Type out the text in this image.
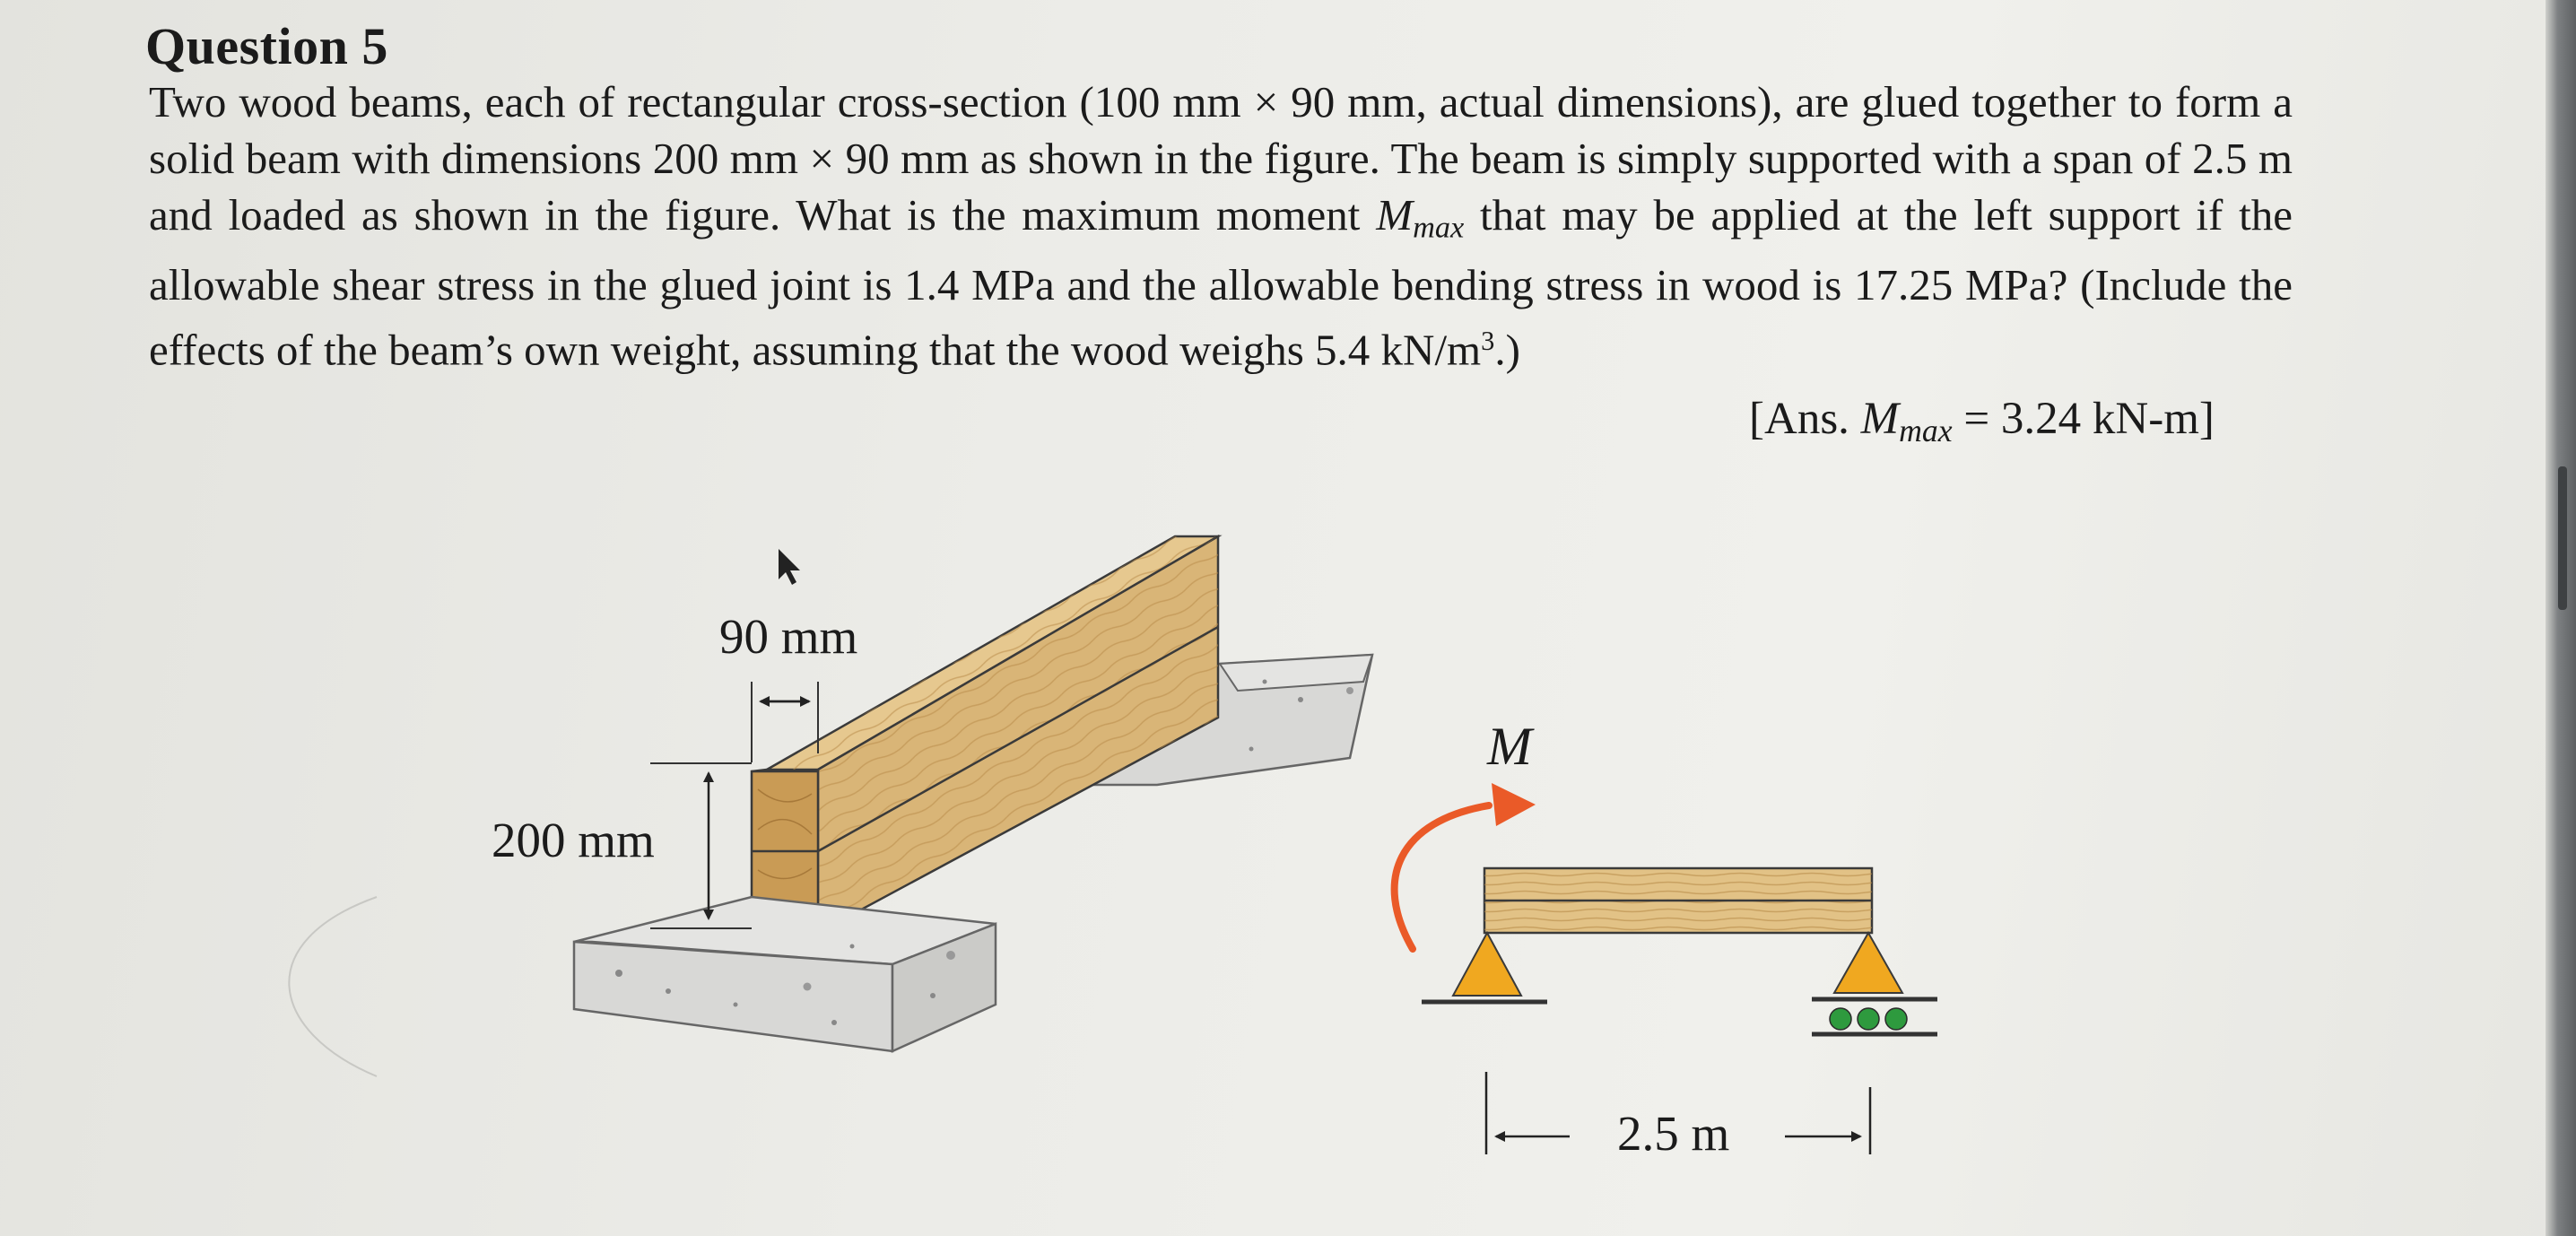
Question 5
Two wood beams, each of rectangular cross-section (100 mm × 90 mm, actual dimensions), are glued together to form a solid beam with dimensions 200 mm × 90 mm as shown in the figure. The beam is simply supported with a span of 2.5 m and loaded as shown in the figure. What is the maximum moment $M_{max}$ that may be applied at the left support if the allowable shear stress in the glued joint is 1.4 MPa and the allowable bending stress in wood is 17.25 MPa? (Include the effects of the beam’s own weight, assuming that the wood weighs 5.4 $kN/m^3$.)
[Ans. $M_{max} = 3.24$ kN-m]
90 mm
200 mm
M
2.5 m
